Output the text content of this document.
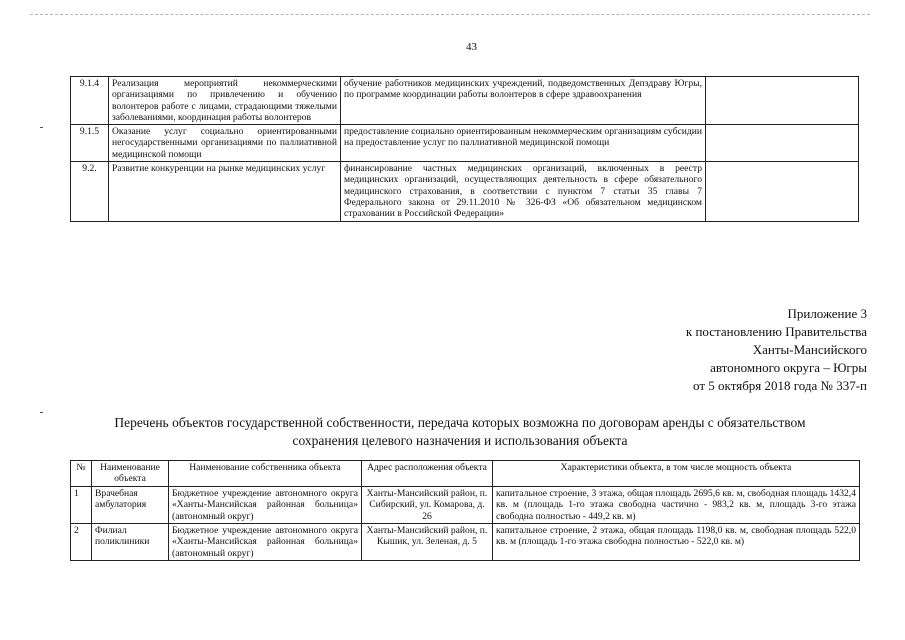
43
9.1.4	Реализация мероприятий некоммерческими организациями по привлечению и обучению волонтеров работе с лицами, страдающими тяжелыми заболеваниями, координация работы волонтеров	обучение работников медицинских учреждений, подведомственных Депздраву Югры, по программе координации работы волонтеров в сфере здравоохранения	
9.1.5	Оказание услуг социально ориентированными негосударственными организациями по паллиативной медицинской помощи	предоставление социально ориентированным некоммерческим организациям субсидии на предоставление услуг по паллиативной медицинской помощи	
9.2.	Развитие конкуренции на рынке медицинских услуг	финансирование частных медицинских организаций, включенных в реестр медицинских организаций, осуществляющих деятельность в сфере обязательного медицинского страхования, в соответствии с пунктом 7 статьи 35 главы 7 Федерального закона от 29.11.2010 № 326-ФЗ «Об обязательном медицинском страховании в Российской Федерации»	
Приложение 3
к постановлению Правительства
Ханты-Мансийского
автономного округа – Югры
от 5 октября 2018 года № 337-п
Перечень объектов государственной собственности, передача которых возможна по договорам аренды с обязательством
сохранения целевого назначения и использования объекта
№	Наименование объекта	Наименование собственника объекта	Адрес расположения объекта	Характеристики объекта, в том числе мощность объекта
1	Врачебная амбулатория	Бюджетное учреждение автономного округа «Ханты-Мансийская районная больница» (автономный округ)	Ханты-Мансийский район, п. Сибирский, ул. Комарова, д. 26	капитальное строение, 3 этажа, общая площадь 2695,6 кв. м, свободная площадь 1432,4 кв. м (площадь 1-го этажа свободна частично - 983,2 кв. м, площадь 3-го этажа свободна полностью - 449,2 кв. м)
2	Филиал поликлиники	Бюджетное учреждение автономного округа «Ханты-Мансийская районная больница» (автономный округ)	Ханты-Мансийский район, п. Кышик, ул. Зеленая, д. 5	капитальное строение, 2 этажа, общая площадь 1198,0 кв. м, свободная площадь 522,0 кв. м (площадь 1-го этажа свободна полностью - 522,0 кв. м)
